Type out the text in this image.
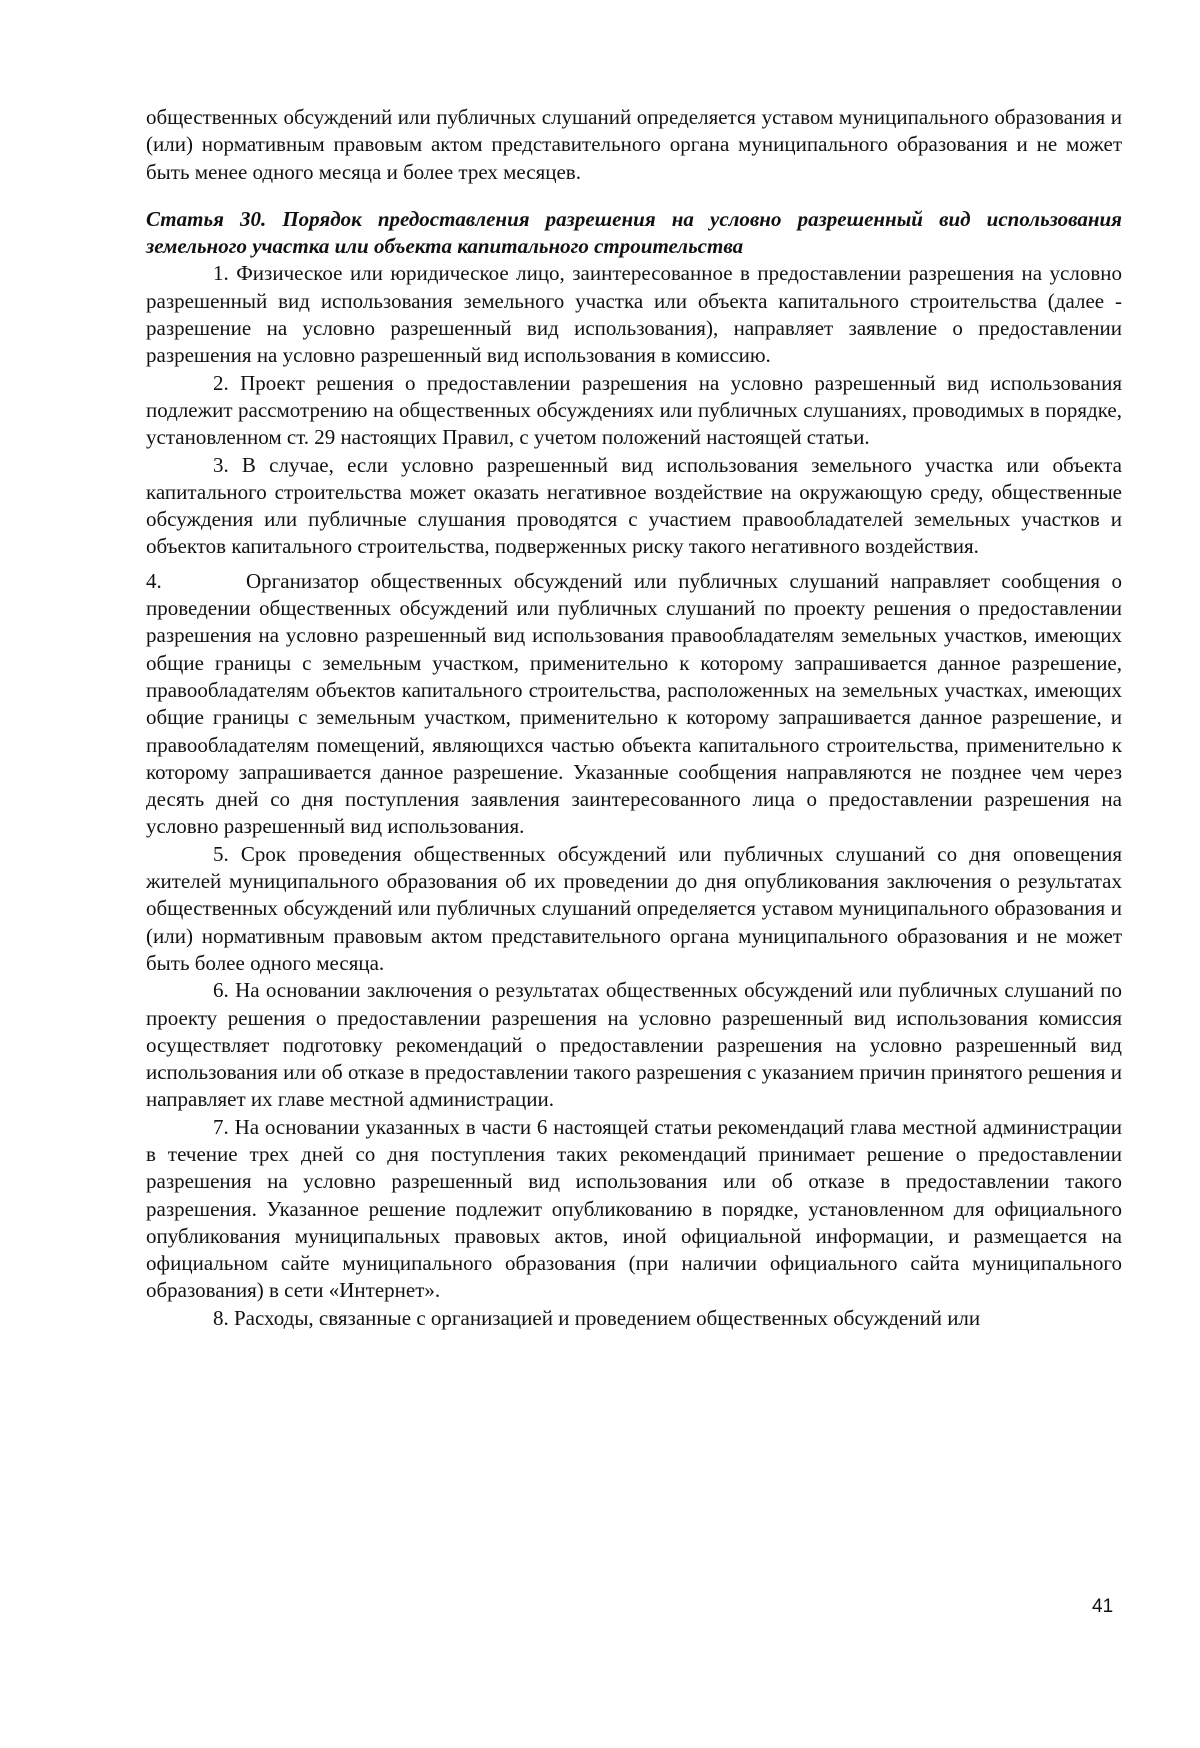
общественных обсуждений или публичных слушаний определяется уставом муниципального образования и (или) нормативным правовым актом представительного органа муниципального образования и не может быть менее одного месяца и более трех месяцев.

Статья 30. Порядок предоставления разрешения на условно разрешенный вид использования земельного участка или объекта капитального строительства

1. Физическое или юридическое лицо, заинтересованное в предоставлении разрешения на условно разрешенный вид использования земельного участка или объекта капитального строительства (далее - разрешение на условно разрешенный вид использования), направляет заявление о предоставлении разрешения на условно разрешенный вид использования в комиссию.

2. Проект решения о предоставлении разрешения на условно разрешенный вид использования подлежит рассмотрению на общественных обсуждениях или публичных слушаниях, проводимых в порядке, установленном ст. 29 настоящих Правил, с учетом положений настоящей статьи.

3. В случае, если условно разрешенный вид использования земельного участка или объекта капитального строительства может оказать негативное воздействие на окружающую среду, общественные обсуждения или публичные слушания проводятся с участием правообладателей земельных участков и объектов капитального строительства, подверженных риску такого негативного воздействия.

4.	Организатор общественных обсуждений или публичных слушаний направляет сообщения о проведении общественных обсуждений или публичных слушаний по проекту решения о предоставлении разрешения на условно разрешенный вид использования правообладателям земельных участков, имеющих общие границы с земельным участком, применительно к которому запрашивается данное разрешение, правообладателям объектов капитального строительства, расположенных на земельных участках, имеющих общие границы с земельным участком, применительно к которому запрашивается данное разрешение, и правообладателям помещений, являющихся частью объекта капитального строительства, применительно к которому запрашивается данное разрешение. Указанные сообщения направляются не позднее чем через десять дней со дня поступления заявления заинтересованного лица о предоставлении разрешения на условно разрешенный вид использования.

5. Срок проведения общественных обсуждений или публичных слушаний со дня оповещения жителей муниципального образования об их проведении до дня опубликования заключения о результатах общественных обсуждений или публичных слушаний определяется уставом муниципального образования и (или) нормативным правовым актом представительного органа муниципального образования и не может быть более одного месяца.

6. На основании заключения о результатах общественных обсуждений или публичных слушаний по проекту решения о предоставлении разрешения на условно разрешенный вид использования комиссия осуществляет подготовку рекомендаций о предоставлении разрешения на условно разрешенный вид использования или об отказе в предоставлении такого разрешения с указанием причин принятого решения и направляет их главе местной администрации.

7. На основании указанных в части 6 настоящей статьи рекомендаций глава местной администрации в течение трех дней со дня поступления таких рекомендаций принимает решение о предоставлении разрешения на условно разрешенный вид использования или об отказе в предоставлении такого разрешения. Указанное решение подлежит опубликованию в порядке, установленном для официального опубликования муниципальных правовых актов, иной официальной информации, и размещается на официальном сайте муниципального образования (при наличии официального сайта муниципального образования) в сети «Интернет».

8. Расходы, связанные с организацией и проведением общественных обсуждений или

41
